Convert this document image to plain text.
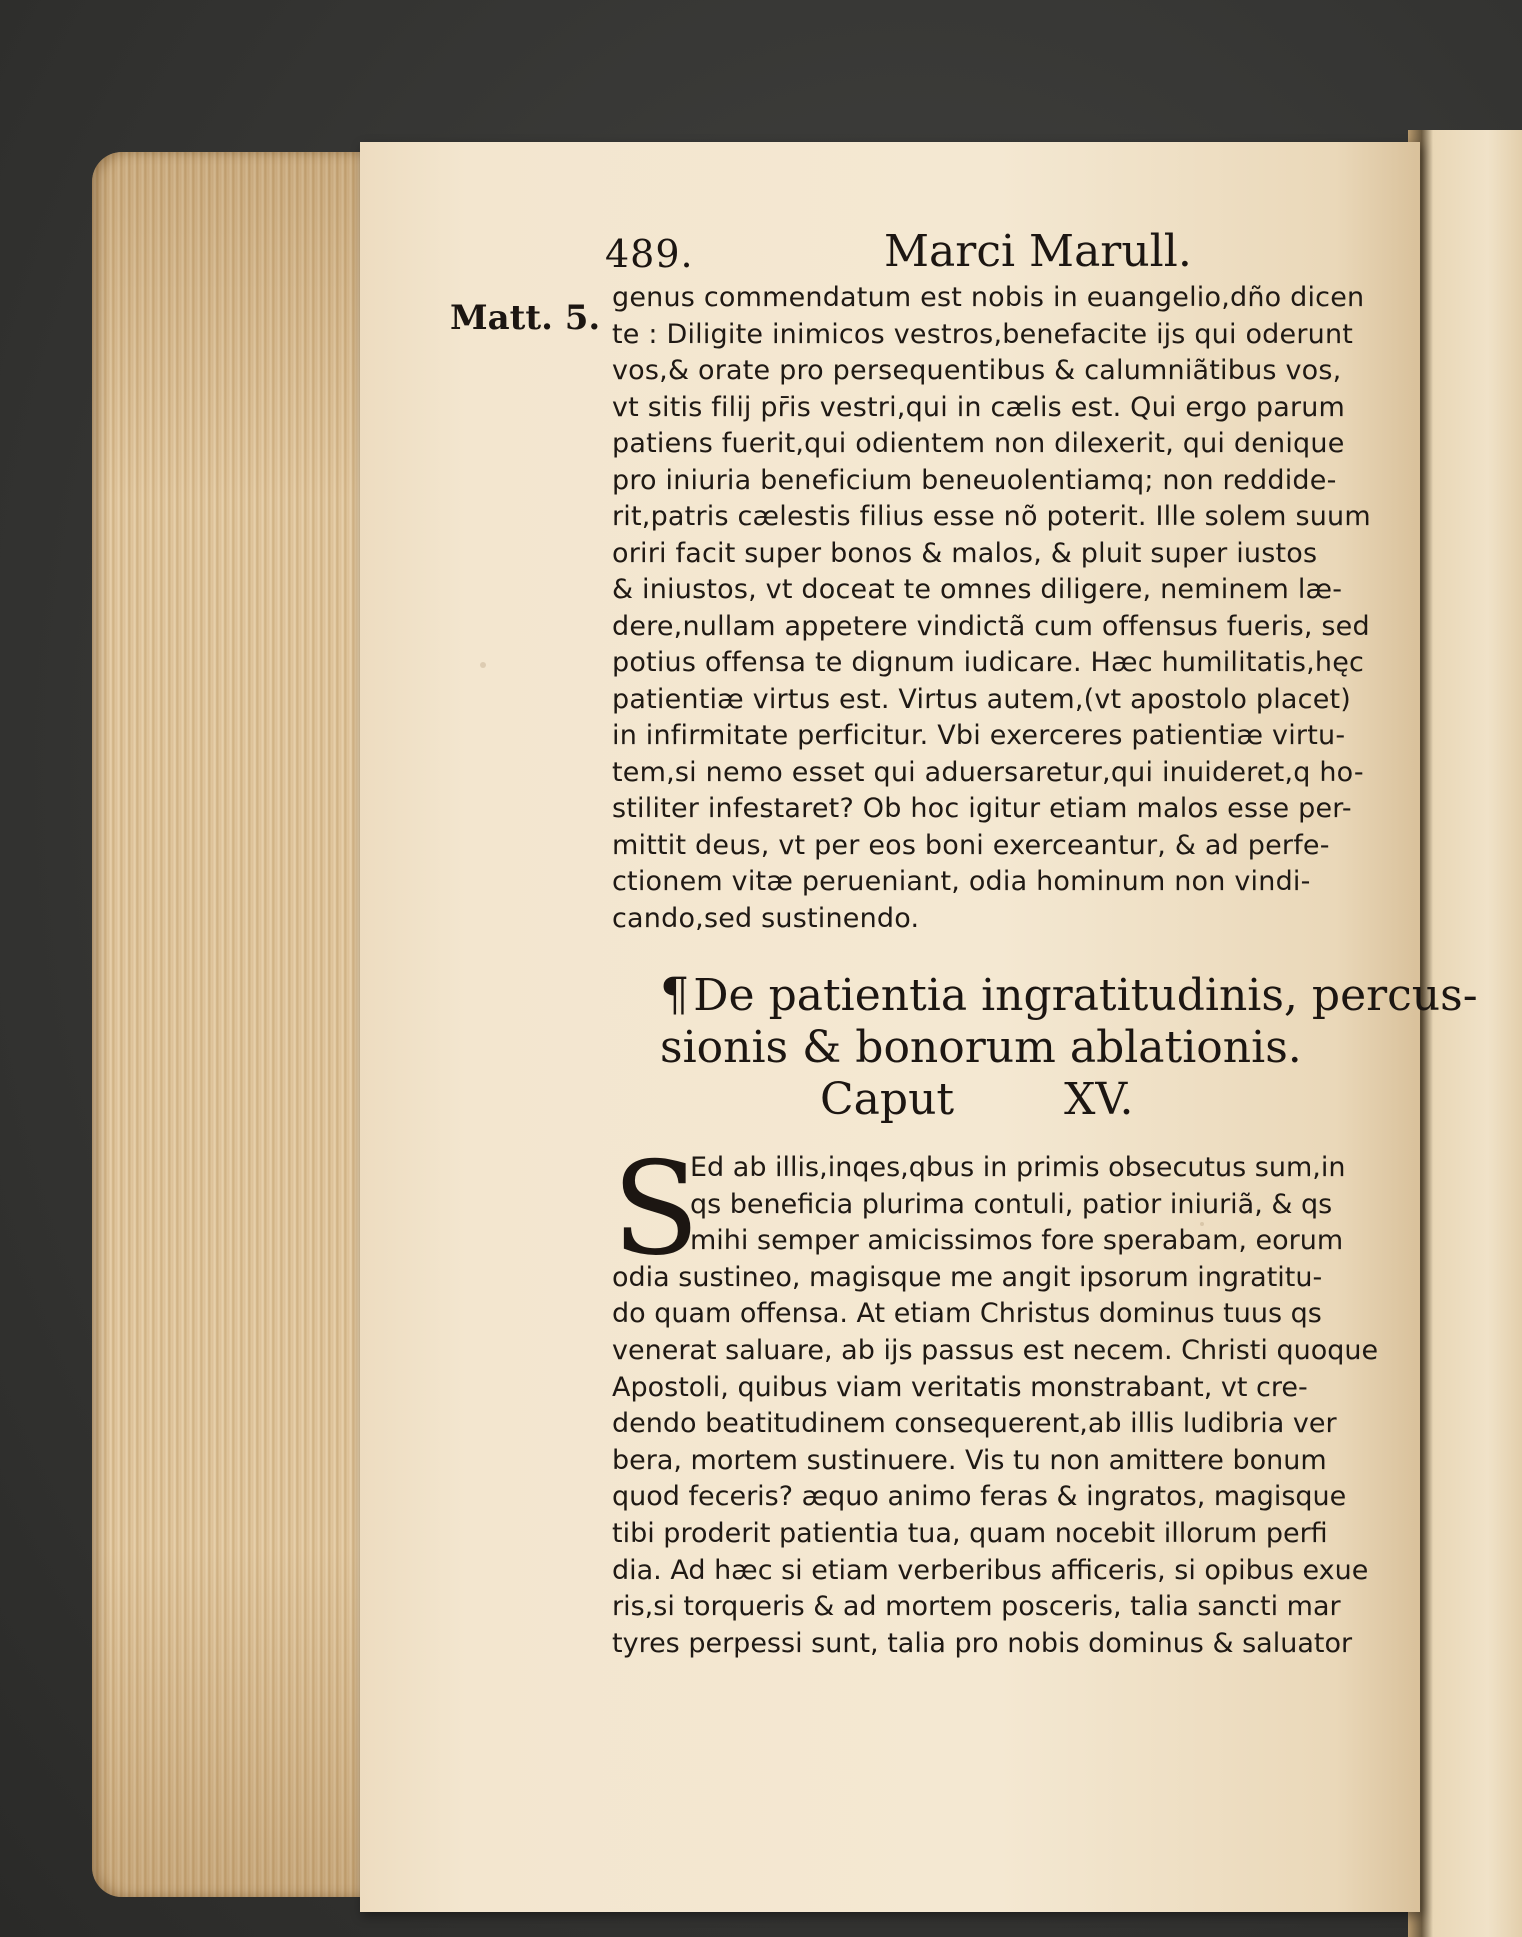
489.	Marci Marull.
Matt. 5.
genus commendatum est nobis in euangelio,dño dicen
te : Diligite inimicos vestros,benefacite ĳs qui oderunt
vos,& orate pro persequentibus & calumniãtibus vos,
vt sitis filĳ pr̄is vestri,qui in cælis est. Qui ergo parum
patiens fuerit,qui odientem non dilexerit, qui denique
pro iniuria beneficium beneuolentiamq; non reddide-
rit,patris cælestis filius esse nõ poterit. Ille solem suum
oriri facit super bonos & malos, & pluit super iustos
& iniustos, vt doceat te omnes diligere, neminem læ-
dere,nullam appetere vindictã cum offensus fueris, sed
potius offensa te dignum iudicare. Hæc humilitatis,hęc
patientiæ virtus est. Virtus autem,(vt apostolo placet)
in infirmitate perficitur. Vbi exerceres patientiæ virtu-
tem,si nemo esset qui aduersaretur,qui inuideret,q ho-
stiliter infestaret? Ob hoc igitur etiam malos esse per-
mittit deus, vt per eos boni exerceantur, & ad perfe-
ctionem vitæ perueniant, odia hominum non vindi-
cando,sed sustinendo.
¶De patientia ingratitudinis, percus-
sionis & bonorum ablationis.
Caput	XV.
S
Ed ab illis,inqes,qbus in primis obsecutus sum,in
qs beneficia plurima contuli, patior iniuriã, & qs
mihi semper amicissimos fore sperabam, eorum
odia sustineo, magisque me angit ipsorum ingratitu-
do quam offensa. At etiam Christus dominus tuus qs
venerat saluare, ab ĳs passus est necem. Christi quoque
Apostoli, quibus viam veritatis monstrabant, vt cre-
dendo beatitudinem consequerent,ab illis ludibria ver
bera, mortem sustinuere. Vis tu non amittere bonum
quod feceris? æquo animo feras & ingratos, magisque
tibi proderit patientia tua, quam nocebit illorum perfi
dia. Ad hæc si etiam verberibus afficeris, si opibus exue
ris,si torqueris & ad mortem posceris, talia sancti mar
tyres perpessi sunt, talia pro nobis dominus & saluator
